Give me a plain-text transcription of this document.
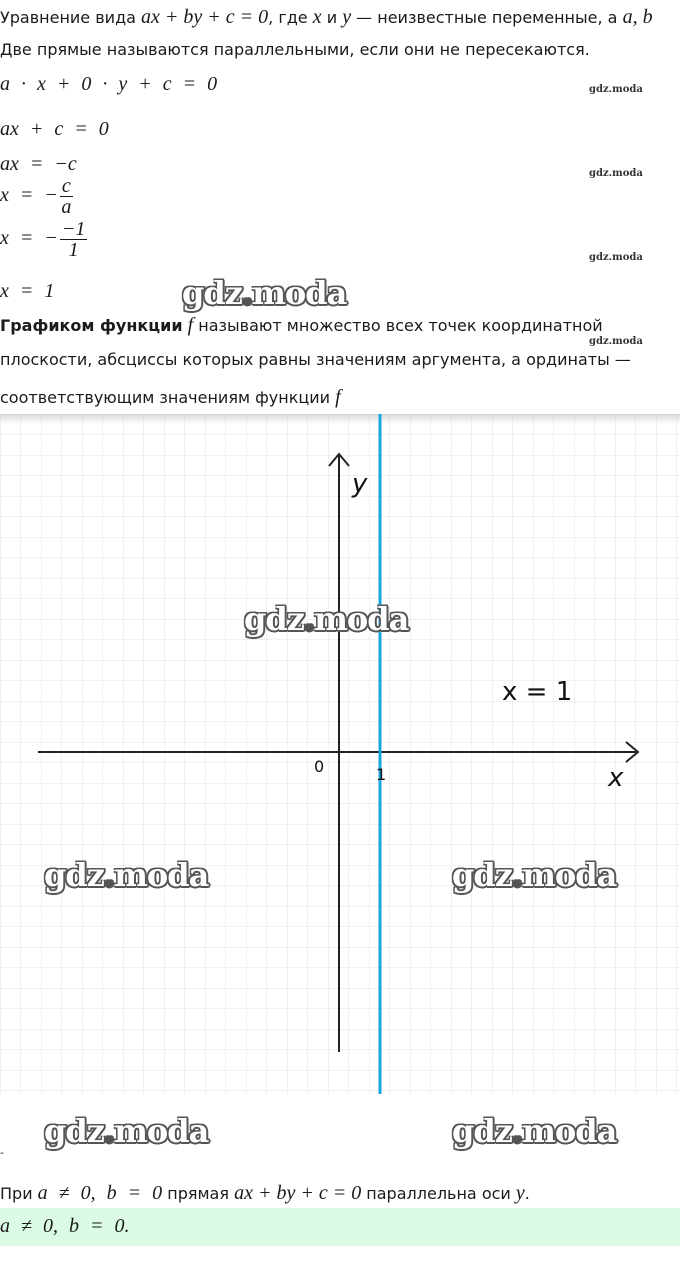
Уравнение вида ax + by + c = 0, где x и y — неизвестные переменные, а a, b
Две прямые называются параллельными, если они не пересекаются.
a · x + 0 · y + c = 0
ax + c = 0
ax = −c
x = − $\frac{c}{a}$
x = − $\frac{-1}{1}$
x = 1
gdz.moda
gdz.moda
gdz.moda
gdz.moda
gdz.moda
Графиком функции f называют множество всех точек координатной
плоскости, абсциссы которых равны значениям аргумента, а ординаты —
соответствующим значениям функции f
y
x
0	1
x = 1
gdz.moda
gdz.moda	gdz.moda
gdz.moda	gdz.moda
-
При a ≠ 0, b = 0 прямая ax + by + c = 0 параллельна оси y.
a ≠ 0, b = 0.
